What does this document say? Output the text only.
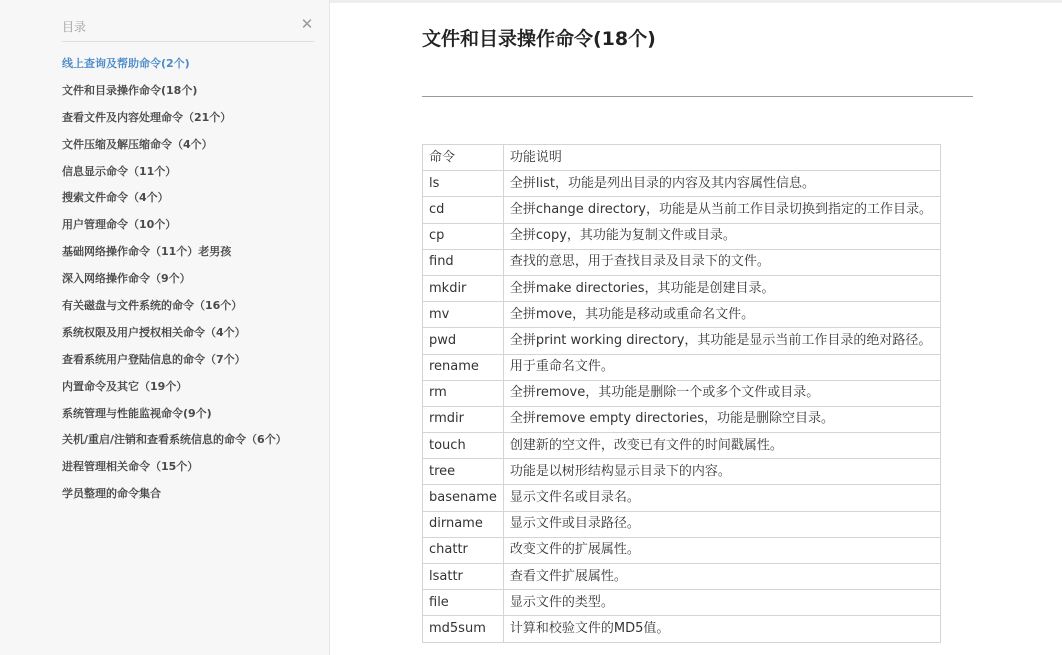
目录	✕
线上查询及帮助命令(2个)
文件和目录操作命令(18个)
查看文件及内容处理命令（21个）
文件压缩及解压缩命令（4个）
信息显示命令（11个）
搜索文件命令（4个）
用户管理命令（10个）
基础网络操作命令（11个）老男孩
深入网络操作命令（9个）
有关磁盘与文件系统的命令（16个）
系统权限及用户授权相关命令（4个）
查看系统用户登陆信息的命令（7个）
内置命令及其它（19个）
系统管理与性能监视命令(9个)
关机/重启/注销和查看系统信息的命令（6个）
进程管理相关命令（15个）
学员整理的命令集合
文件和目录操作命令(18个)
命令	功能说明
ls	全拼list，功能是列出目录的内容及其内容属性信息。
cd	全拼change directory，功能是从当前工作目录切换到指定的工作目录。
cp	全拼copy，其功能为复制文件或目录。
find	查找的意思，用于查找目录及目录下的文件。
mkdir	全拼make directories，其功能是创建目录。
mv	全拼move，其功能是移动或重命名文件。
pwd	全拼print working directory，其功能是显示当前工作目录的绝对路径。
rename	用于重命名文件。
rm	全拼remove，其功能是删除一个或多个文件或目录。
rmdir	全拼remove empty directories，功能是删除空目录。
touch	创建新的空文件，改变已有文件的时间戳属性。
tree	功能是以树形结构显示目录下的内容。
basename	显示文件名或目录名。
dirname	显示文件或目录路径。
chattr	改变文件的扩展属性。
lsattr	查看文件扩展属性。
file	显示文件的类型。
md5sum	计算和校验文件的MD5值。
